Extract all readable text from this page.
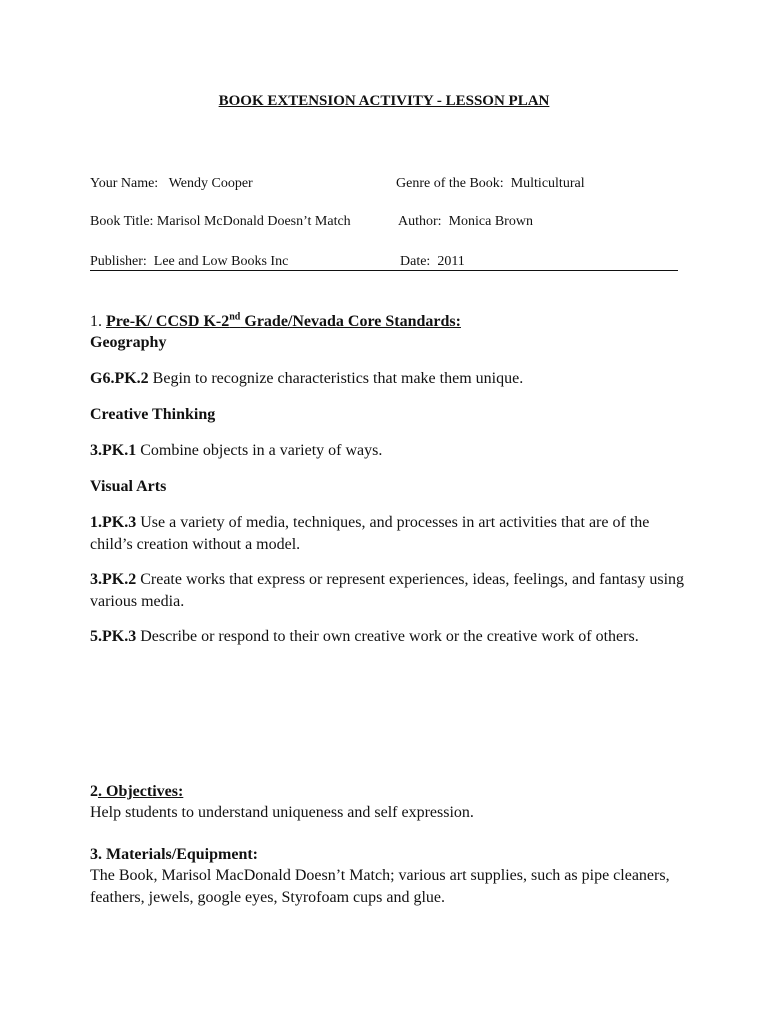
BOOK EXTENSION ACTIVITY - LESSON PLAN
Your Name: Wendy Cooper	Genre of the Book: Multicultural
Book Title: Marisol McDonald Doesn’t Match	Author: Monica Brown
Publisher: Lee and Low Books Inc	Date: 2011
1. Pre-K/ CCSD K-2nd Grade/Nevada Core Standards:
Geography
G6.PK.2 Begin to recognize characteristics that make them unique.
Creative Thinking
3.PK.1 Combine objects in a variety of ways.
Visual Arts
1.PK.3 Use a variety of media, techniques, and processes in art activities that are of the child’s creation without a model.
3.PK.2 Create works that express or represent experiences, ideas, feelings, and fantasy using various media.
5.PK.3 Describe or respond to their own creative work or the creative work of others.
2. Objectives:
Help students to understand uniqueness and self expression.
3. Materials/Equipment:
The Book, Marisol MacDonald Doesn’t Match; various art supplies, such as pipe cleaners, feathers, jewels, google eyes, Styrofoam cups and glue.
